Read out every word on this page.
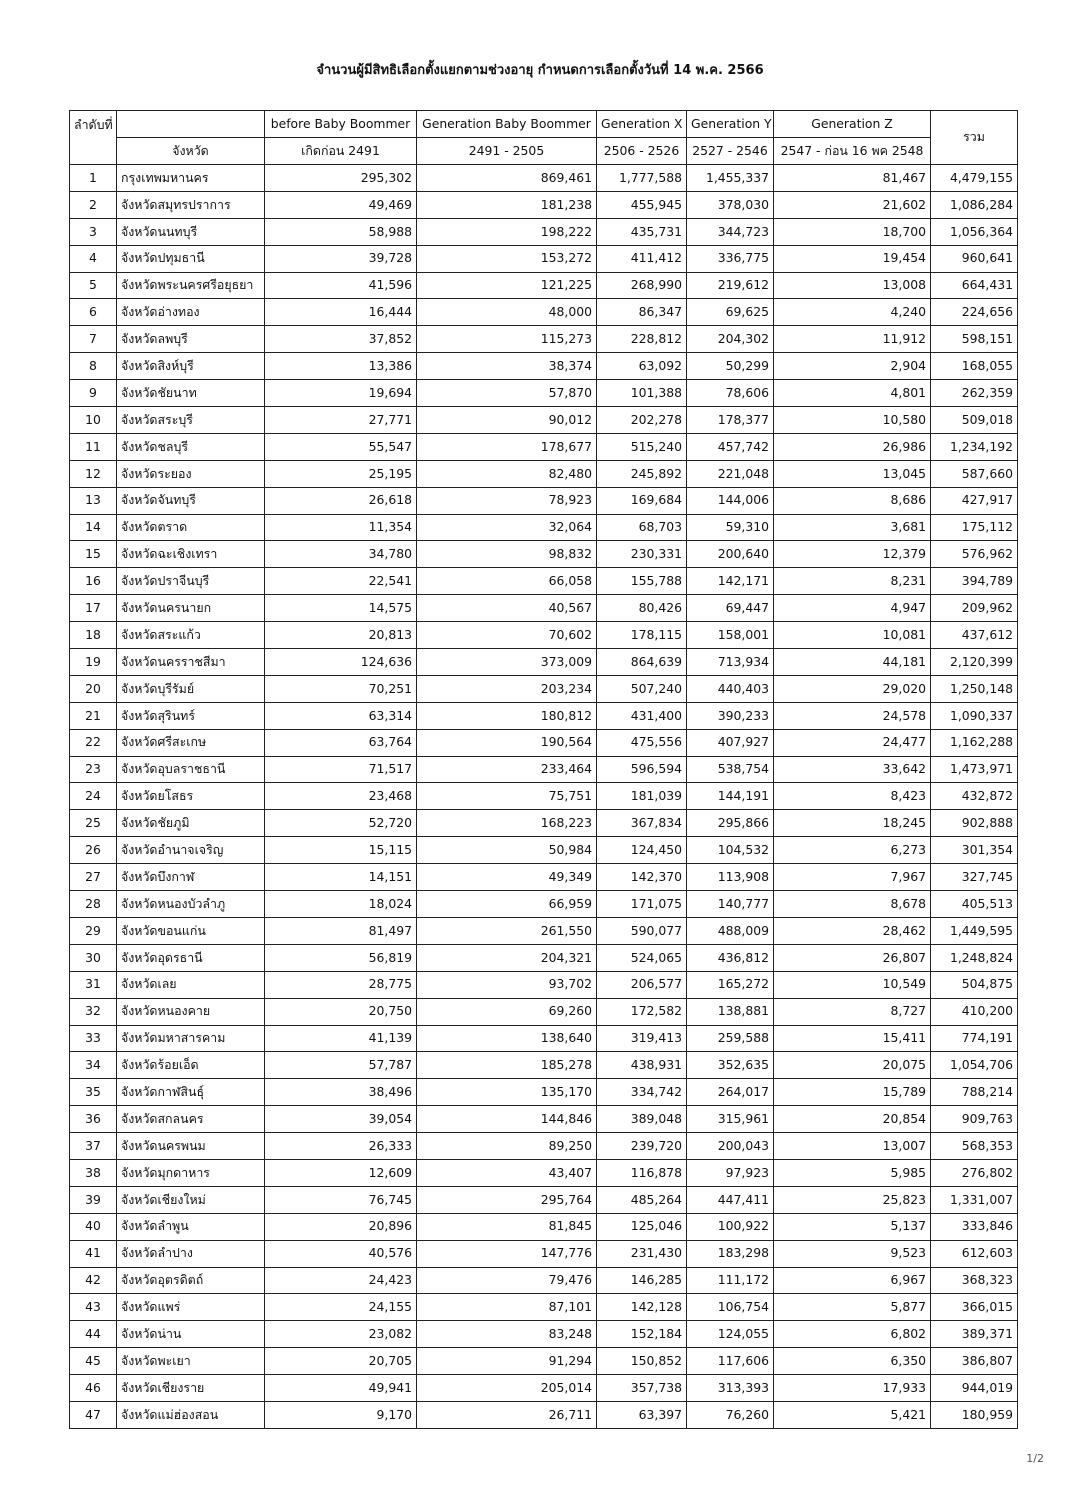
จำนวนผู้มีสิทธิเลือกตั้งแยกตามช่วงอายุ กำหนดการเลือกตั้งวันที่ 14 พ.ค. 2566
ลำดับที่		before Baby Boommer	Generation Baby Boommer	Generation X	Generation Y	Generation Z	รวม
	จังหวัด	เกิดก่อน 2491	2491 - 2505	2506 - 2526	2527 - 2546	2547 - ก่อน 16 พค 2548	
1	กรุงเทพมหานคร	295,302	869,461	1,777,588	1,455,337	81,467	4,479,155
2	จังหวัดสมุทรปราการ	49,469	181,238	455,945	378,030	21,602	1,086,284
3	จังหวัดนนทบุรี	58,988	198,222	435,731	344,723	18,700	1,056,364
4	จังหวัดปทุมธานี	39,728	153,272	411,412	336,775	19,454	960,641
5	จังหวัดพระนครศรีอยุธยา	41,596	121,225	268,990	219,612	13,008	664,431
6	จังหวัดอ่างทอง	16,444	48,000	86,347	69,625	4,240	224,656
7	จังหวัดลพบุรี	37,852	115,273	228,812	204,302	11,912	598,151
8	จังหวัดสิงห์บุรี	13,386	38,374	63,092	50,299	2,904	168,055
9	จังหวัดชัยนาท	19,694	57,870	101,388	78,606	4,801	262,359
10	จังหวัดสระบุรี	27,771	90,012	202,278	178,377	10,580	509,018
11	จังหวัดชลบุรี	55,547	178,677	515,240	457,742	26,986	1,234,192
12	จังหวัดระยอง	25,195	82,480	245,892	221,048	13,045	587,660
13	จังหวัดจันทบุรี	26,618	78,923	169,684	144,006	8,686	427,917
14	จังหวัดตราด	11,354	32,064	68,703	59,310	3,681	175,112
15	จังหวัดฉะเชิงเทรา	34,780	98,832	230,331	200,640	12,379	576,962
16	จังหวัดปราจีนบุรี	22,541	66,058	155,788	142,171	8,231	394,789
17	จังหวัดนครนายก	14,575	40,567	80,426	69,447	4,947	209,962
18	จังหวัดสระแก้ว	20,813	70,602	178,115	158,001	10,081	437,612
19	จังหวัดนครราชสีมา	124,636	373,009	864,639	713,934	44,181	2,120,399
20	จังหวัดบุรีรัมย์	70,251	203,234	507,240	440,403	29,020	1,250,148
21	จังหวัดสุรินทร์	63,314	180,812	431,400	390,233	24,578	1,090,337
22	จังหวัดศรีสะเกษ	63,764	190,564	475,556	407,927	24,477	1,162,288
23	จังหวัดอุบลราชธานี	71,517	233,464	596,594	538,754	33,642	1,473,971
24	จังหวัดยโสธร	23,468	75,751	181,039	144,191	8,423	432,872
25	จังหวัดชัยภูมิ	52,720	168,223	367,834	295,866	18,245	902,888
26	จังหวัดอำนาจเจริญ	15,115	50,984	124,450	104,532	6,273	301,354
27	จังหวัดบึงกาฬ	14,151	49,349	142,370	113,908	7,967	327,745
28	จังหวัดหนองบัวลำภู	18,024	66,959	171,075	140,777	8,678	405,513
29	จังหวัดขอนแก่น	81,497	261,550	590,077	488,009	28,462	1,449,595
30	จังหวัดอุดรธานี	56,819	204,321	524,065	436,812	26,807	1,248,824
31	จังหวัดเลย	28,775	93,702	206,577	165,272	10,549	504,875
32	จังหวัดหนองคาย	20,750	69,260	172,582	138,881	8,727	410,200
33	จังหวัดมหาสารคาม	41,139	138,640	319,413	259,588	15,411	774,191
34	จังหวัดร้อยเอ็ด	57,787	185,278	438,931	352,635	20,075	1,054,706
35	จังหวัดกาฬสินธุ์	38,496	135,170	334,742	264,017	15,789	788,214
36	จังหวัดสกลนคร	39,054	144,846	389,048	315,961	20,854	909,763
37	จังหวัดนครพนม	26,333	89,250	239,720	200,043	13,007	568,353
38	จังหวัดมุกดาหาร	12,609	43,407	116,878	97,923	5,985	276,802
39	จังหวัดเชียงใหม่	76,745	295,764	485,264	447,411	25,823	1,331,007
40	จังหวัดลำพูน	20,896	81,845	125,046	100,922	5,137	333,846
41	จังหวัดลำปาง	40,576	147,776	231,430	183,298	9,523	612,603
42	จังหวัดอุตรดิตถ์	24,423	79,476	146,285	111,172	6,967	368,323
43	จังหวัดแพร่	24,155	87,101	142,128	106,754	5,877	366,015
44	จังหวัดน่าน	23,082	83,248	152,184	124,055	6,802	389,371
45	จังหวัดพะเยา	20,705	91,294	150,852	117,606	6,350	386,807
46	จังหวัดเชียงราย	49,941	205,014	357,738	313,393	17,933	944,019
47	จังหวัดแม่ฮ่องสอน	9,170	26,711	63,397	76,260	5,421	180,959
1/2
